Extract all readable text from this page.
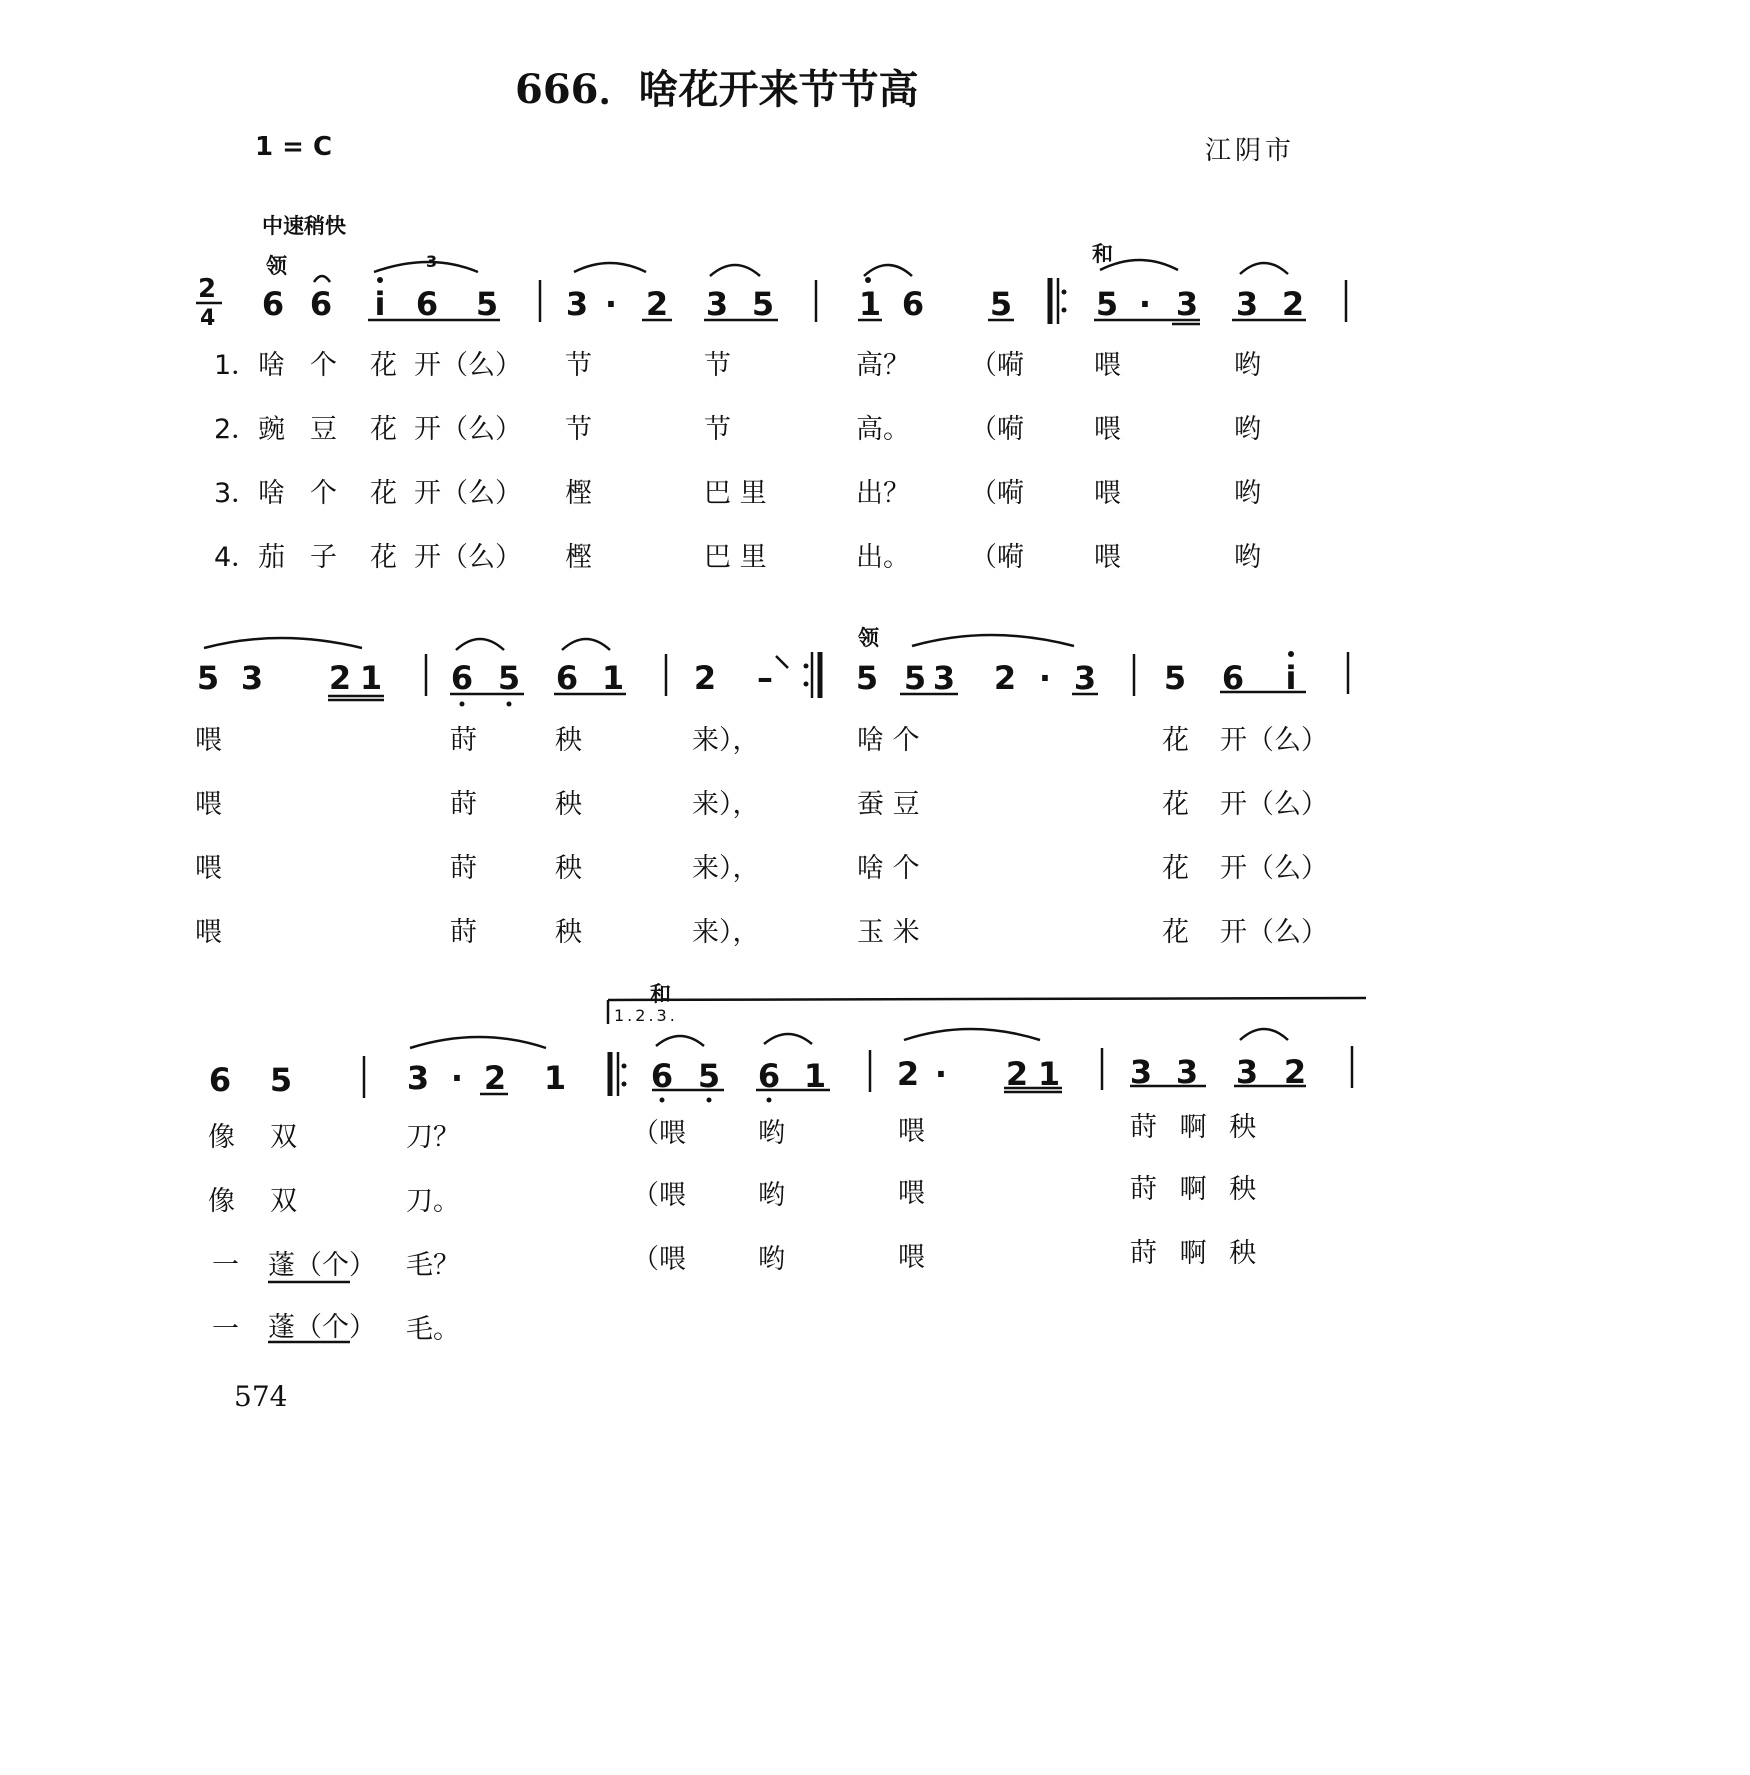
666．啥花开来节节高
1 = C	江阴市
中速稍快
领	和
领
和
1.2.3.
3
2
4 6 6 i 6 5 3 · 2 3 5	1 6 5	5 · 3 3 2
1．啥 个 花 开（么） 节	节	高？ （嗬	喂	哟
2．豌 豆 花 开（么） 节	节	高。 （嗬	喂	哟
3．啥 个 花 开（么） 樫	巴 里	出？ （嗬	喂	哟
4．茄 子 花 开（么） 樫	巴 里	出。 （嗬	喂	哟
5 3 2 1 6 5 6 1 2 –	5 5 3 2 · 3 5 6 i
喂	莳	秧	来），	啥 个	花 开（么）
喂	莳	秧	来），	蚕 豆	花 开（么）
喂	莳	秧	来），	啥 个	花 开（么）
喂	莳	秧	来），	玉 米	花 开（么）
6 5	3 · 2 1	6 5 6 1 2 · 2 1 3 3 3 2
像 双	刀？	（喂	哟	喂	莳 啊 秧
像 双	刀。	（喂	哟	喂	莳 啊 秧
一 蓬（个） 毛？	（喂	哟	喂	莳 啊 秧
一 蓬（个） 毛。
574
